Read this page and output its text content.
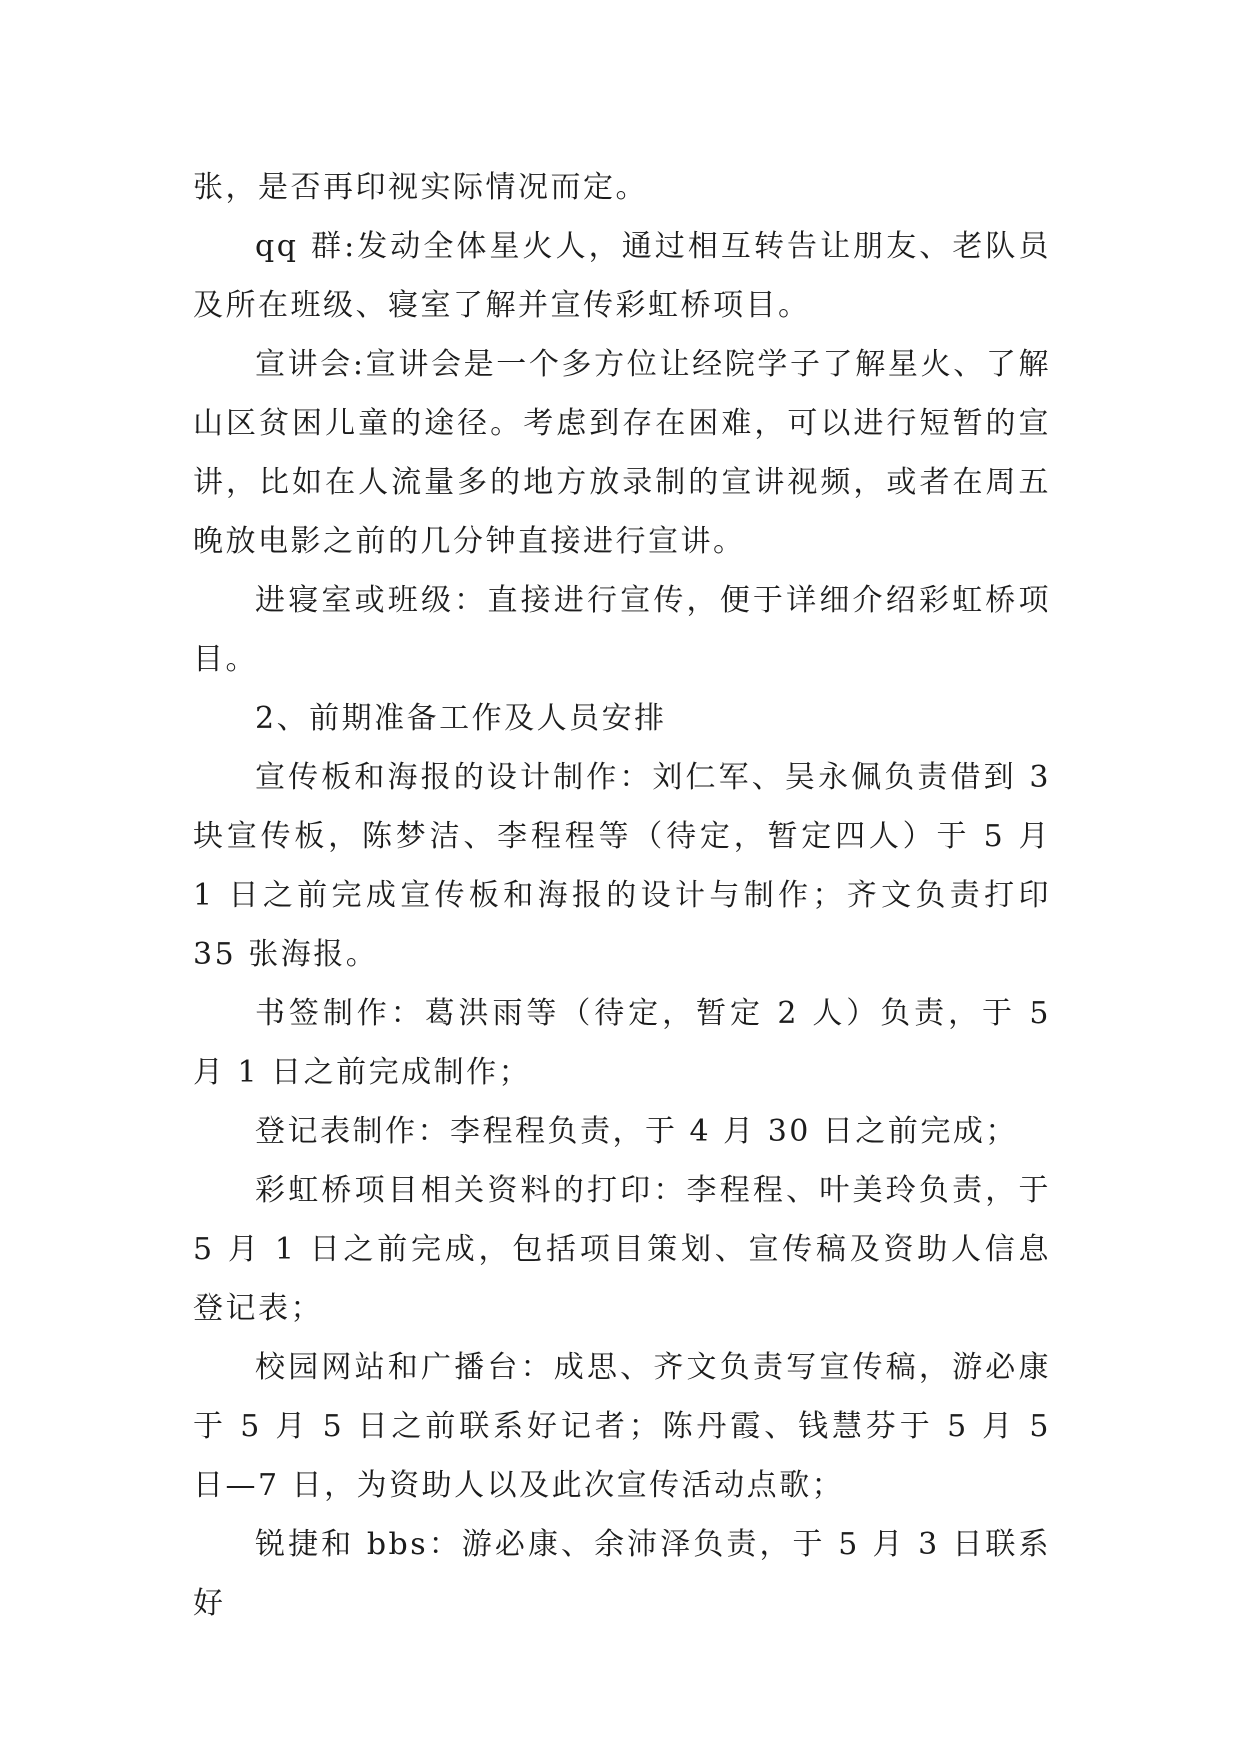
张，是否再印视实际情况而定。

qq 群:发动全体星火人，通过相互转告让朋友、老队员及所在班级、寝室了解并宣传彩虹桥项目。

宣讲会:宣讲会是一个多方位让经院学子了解星火、了解山区贫困儿童的途径。考虑到存在困难，可以进行短暂的宣讲，比如在人流量多的地方放录制的宣讲视频，或者在周五晚放电影之前的几分钟直接进行宣讲。

进寝室或班级：直接进行宣传，便于详细介绍彩虹桥项目。

2、前期准备工作及人员安排

宣传板和海报的设计制作：刘仁军、吴永佩负责借到 3 块宣传板，陈梦洁、李程程等（待定，暂定四人）于 5 月 1 日之前完成宣传板和海报的设计与制作；齐文负责打印 35 张海报。

书签制作：葛洪雨等（待定，暂定 2 人）负责，于 5 月 1 日之前完成制作；

登记表制作：李程程负责，于 4 月 30 日之前完成；

彩虹桥项目相关资料的打印：李程程、叶美玲负责，于 5 月 1 日之前完成，包括项目策划、宣传稿及资助人信息登记表；

校园网站和广播台：成思、齐文负责写宣传稿，游必康于 5 月 5 日之前联系好记者；陈丹霞、钱慧芬于 5 月 5 日—7 日，为资助人以及此次宣传活动点歌；

锐捷和 bbs：游必康、余沛泽负责，于 5 月 3 日联系好
